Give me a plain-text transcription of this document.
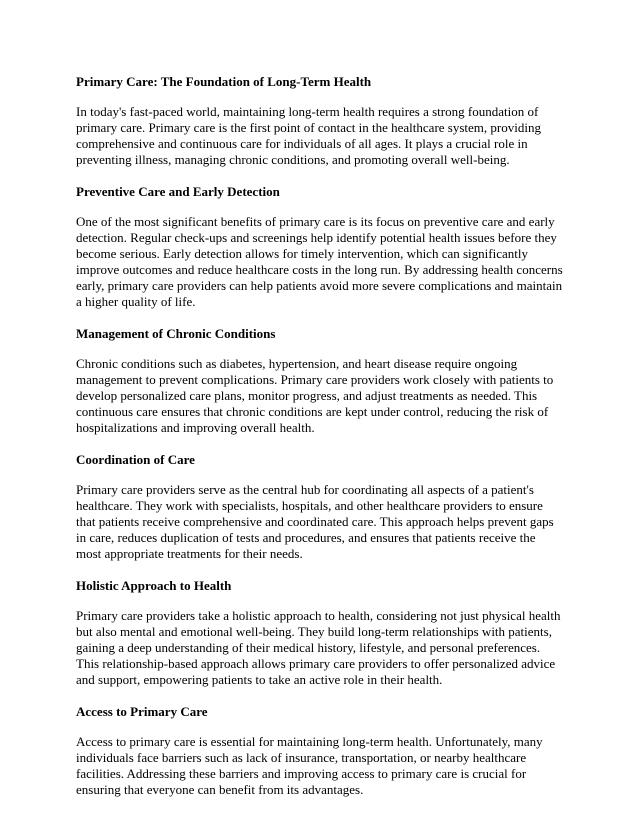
Primary Care: The Foundation of Long-Term Health

In today's fast-paced world, maintaining long-term health requires a strong foundation of primary care. Primary care is the first point of contact in the healthcare system, providing comprehensive and continuous care for individuals of all ages. It plays a crucial role in preventing illness, managing chronic conditions, and promoting overall well-being.

Preventive Care and Early Detection

One of the most significant benefits of primary care is its focus on preventive care and early detection. Regular check-ups and screenings help identify potential health issues before they become serious. Early detection allows for timely intervention, which can significantly improve outcomes and reduce healthcare costs in the long run. By addressing health concerns early, primary care providers can help patients avoid more severe complications and maintain a higher quality of life.

Management of Chronic Conditions

Chronic conditions such as diabetes, hypertension, and heart disease require ongoing management to prevent complications. Primary care providers work closely with patients to develop personalized care plans, monitor progress, and adjust treatments as needed. This continuous care ensures that chronic conditions are kept under control, reducing the risk of hospitalizations and improving overall health.

Coordination of Care

Primary care providers serve as the central hub for coordinating all aspects of a patient's healthcare. They work with specialists, hospitals, and other healthcare providers to ensure that patients receive comprehensive and coordinated care. This approach helps prevent gaps in care, reduces duplication of tests and procedures, and ensures that patients receive the most appropriate treatments for their needs.

Holistic Approach to Health

Primary care providers take a holistic approach to health, considering not just physical health but also mental and emotional well-being. They build long-term relationships with patients, gaining a deep understanding of their medical history, lifestyle, and personal preferences. This relationship-based approach allows primary care providers to offer personalized advice and support, empowering patients to take an active role in their health.

Access to Primary Care

Access to primary care is essential for maintaining long-term health. Unfortunately, many individuals face barriers such as lack of insurance, transportation, or nearby healthcare facilities. Addressing these barriers and improving access to primary care is crucial for ensuring that everyone can benefit from its advantages.
